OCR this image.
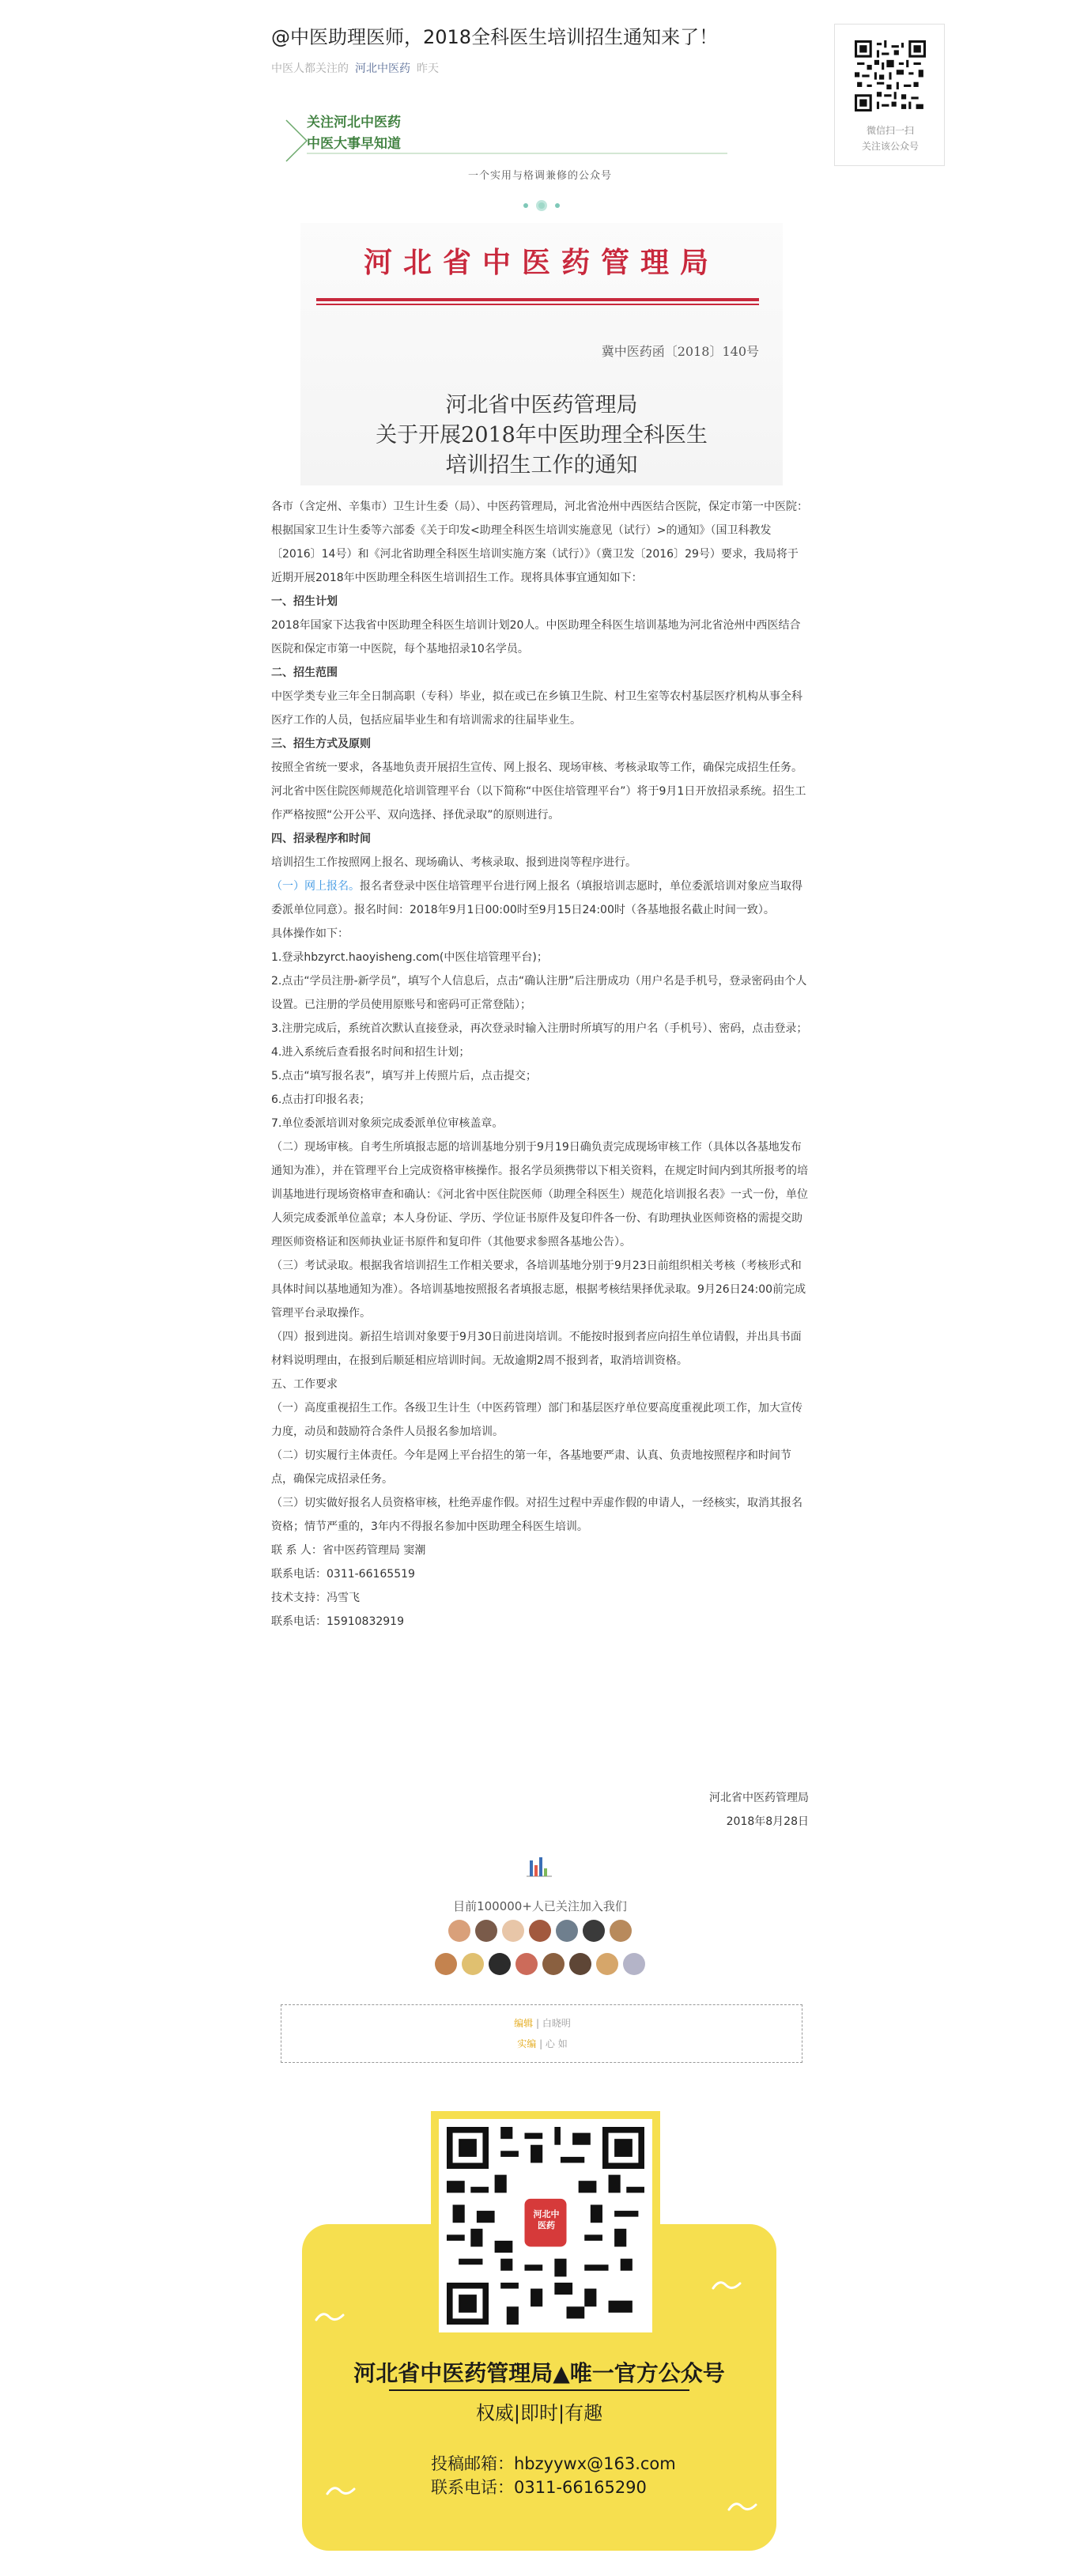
@中医助理医师，2018全科医生培训招生通知来了！
中医人都关注的 河北中医药 昨天
微信扫一扫
关注该公众号
关注河北中医药
中医大事早知道
一个实用与格调兼修的公众号
河北省中医药管理局
冀中医药函〔2018〕140号
河北省中医药管理局
关于开展2018年中医助理全科医生
培训招生工作的通知

各市（含定州、辛集市）卫生计生委（局）、中医药管理局，河北省沧州中西医结合医院，保定市第一中医院：

根据国家卫生计生委等六部委《关于印发<助理全科医生培训实施意见（试行）>的通知》（国卫科教发〔2016〕14号）和《河北省助理全科医生培训实施方案（试行）》（冀卫发〔2016〕29号）要求，我局将于近期开展2018年中医助理全科医生培训招生工作。现将具体事宜通知如下：

一、招生计划

2018年国家下达我省中医助理全科医生培训计划20人。中医助理全科医生培训基地为河北省沧州中西医结合医院和保定市第一中医院，每个基地招录10名学员。

二、招生范围

中医学类专业三年全日制高职（专科）毕业，拟在或已在乡镇卫生院、村卫生室等农村基层医疗机构从事全科医疗工作的人员，包括应届毕业生和有培训需求的往届毕业生。

三、招生方式及原则

按照全省统一要求，各基地负责开展招生宣传、网上报名、现场审核、考核录取等工作，确保完成招生任务。河北省中医住院医师规范化培训管理平台（以下简称“中医住培管理平台”）将于9月1日开放招录系统。招生工作严格按照“公开公平、双向选择、择优录取”的原则进行。

四、招录程序和时间

培训招生工作按照网上报名、现场确认、考核录取、报到进岗等程序进行。

（一）网上报名。报名者登录中医住培管理平台进行网上报名（填报培训志愿时，单位委派培训对象应当取得委派单位同意）。报名时间：2018年9月1日00:00时至9月15日24:00时（各基地报名截止时间一致）。

具体操作如下：

1.登录hbzyrct.haoyisheng.com(中医住培管理平台)；

2.点击“学员注册-新学员”，填写个人信息后，点击“确认注册”后注册成功（用户名是手机号，登录密码由个人设置。已注册的学员使用原账号和密码可正常登陆）；

3.注册完成后，系统首次默认直接登录，再次登录时输入注册时所填写的用户名（手机号）、密码，点击登录；

4.进入系统后查看报名时间和招生计划；

5.点击“填写报名表”，填写并上传照片后，点击提交；

6.点击打印报名表；

7.单位委派培训对象须完成委派单位审核盖章。

（二）现场审核。自考生所填报志愿的培训基地分别于9月19日确负责完成现场审核工作（具体以各基地发布通知为准），并在管理平台上完成资格审核操作。报名学员须携带以下相关资料，在规定时间内到其所报考的培训基地进行现场资格审查和确认：《河北省中医住院医师（助理全科医生）规范化培训报名表》一式一份，单位人须完成委派单位盖章；本人身份证、学历、学位证书原件及复印件各一份、有助理执业医师资格的需提交助理医师资格证和医师执业证书原件和复印件（其他要求参照各基地公告）。

（三）考试录取。根据我省培训招生工作相关要求，各培训基地分别于9月23日前组织相关考核（考核形式和具体时间以基地通知为准）。各培训基地按照报名者填报志愿，根据考核结果择优录取。9月26日24:00前完成管理平台录取操作。

（四）报到进岗。新招生培训对象要于9月30日前进岗培训。不能按时报到者应向招生单位请假，并出具书面材料说明理由，在报到后顺延相应培训时间。无故逾期2周不报到者，取消培训资格。

五、工作要求

（一）高度重视招生工作。各级卫生计生（中医药管理）部门和基层医疗单位要高度重视此项工作，加大宣传力度，动员和鼓励符合条件人员报名参加培训。

（二）切实履行主体责任。今年是网上平台招生的第一年，各基地要严肃、认真、负责地按照程序和时间节点，确保完成招录任务。

（三）切实做好报名人员资格审核，杜绝弄虚作假。对招生过程中弄虚作假的申请人，一经核实，取消其报名资格；情节严重的，3年内不得报名参加中医助理全科医生培训。

联 系 人：省中医药管理局 窦潮

联系电话：0311-66165519

技术支持：冯雪飞

联系电话：15910832919

河北省中医药管理局
2018年8月28日
目前100000+人已关注加入我们
编辑 | 白晓明
实编 | 心 如
河北中医药
河北省中医药管理局▲唯一官方公众号
权威|即时|有趣
投稿邮箱：hbzyywx@163.com
联系电话：0311-66165290
